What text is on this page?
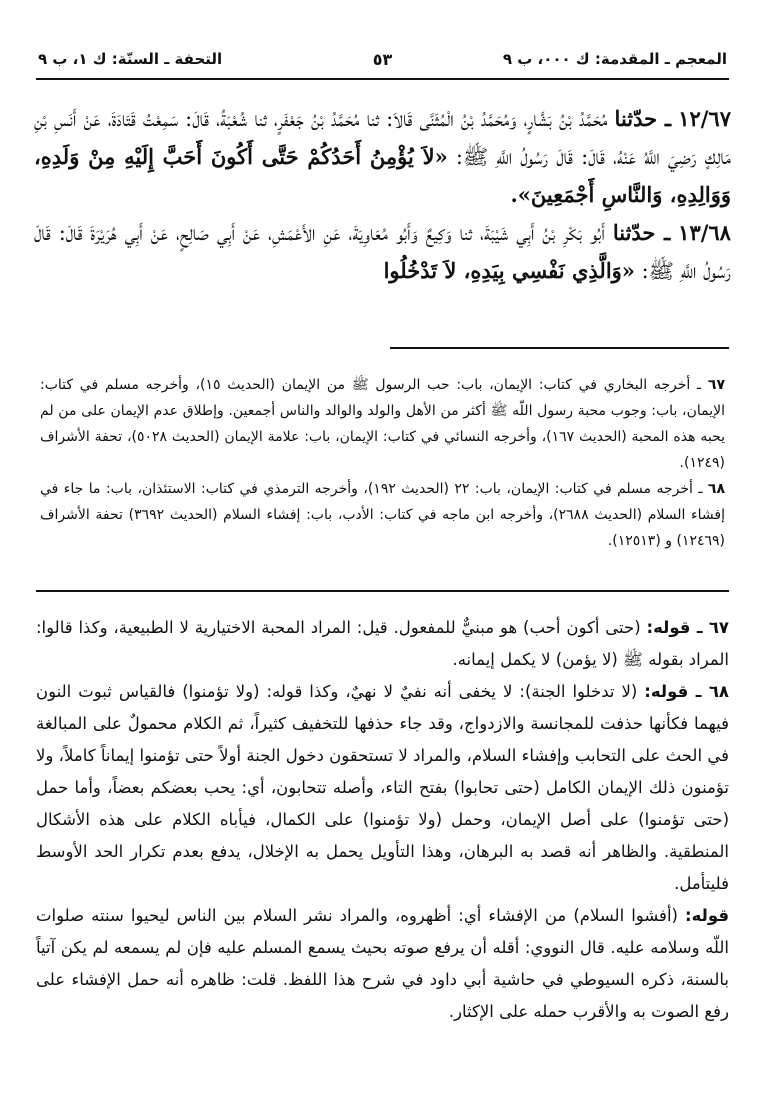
المعجم ـ المقدمة: ك ٠٠٠، ب ٩
٥٣
التحفة ـ السنّة: ك ١، ب ٩

١٢/٦٧ ـ حدّثنا مُحَمَّدُ بْنُ بَشَّارٍ، وَمُحَمَّدُ بْنُ الْمُثَنَّى قَالاَ: ثنا مُحَمَّدُ بْنُ جَعْفَرٍ، ثنا شُعْبَةُ، قَالَ: سَمِعْتُ قَتَادَةَ، عَنْ أَنَسِ بْنِ مَالِكٍ رَضِيَ اللَّهُ عَنْهُ، قَالَ: قَالَ رَسُولُ اللَّهِ ﷺ: «لاَ يُؤْمِنُ أَحَدُكُمْ حَتَّى أَكُونَ أَحَبَّ إِلَيْهِ مِنْ وَلَدِهِ، وَوَالِدِهِ، وَالنَّاسِ أَجْمَعِينَ».

١٣/٦٨ ـ حدّثنا أَبُو بَكْرِ بْنُ أَبِي شَيْبَةَ، ثنا وَكِيعٌ وَأَبُو مُعَاوِيَةَ، عَنِ الأَعْمَشِ، عَنْ أَبِي صَالِحٍ، عَنْ أَبِي هُرَيْرَةَ قَالَ: قَالَ رَسُولُ اللَّهِ ﷺ: «وَالَّذِي نَفْسِي بِيَدِهِ، لاَ تَدْخُلُوا

٦٧ ـ أخرجه البخاري في كتاب: الإيمان، باب: حب الرسول ﷺ من الإيمان (الحديث ١٥)، وأخرجه مسلم في كتاب: الإيمان، باب: وجوب محبة رسول اللّه ﷺ أكثر من الأهل والولد والوالد والناس أجمعين. وإطلاق عدم الإيمان على من لم يحبه هذه المحبة (الحديث ١٦٧)، وأخرجه النسائي في كتاب: الإيمان، باب: علامة الإيمان (الحديث ٥٠٢٨)، تحفة الأشراف (١٢٤٩).

٦٨ ـ أخرجه مسلم في كتاب: الإيمان، باب: ٢٢ (الحديث ١٩٢)، وأخرجه الترمذي في كتاب: الاستئذان، باب: ما جاء في إفشاء السلام (الحديث ٢٦٨٨)، وأخرجه ابن ماجه في كتاب: الأدب، باب: إفشاء السلام (الحديث ٣٦٩٢) تحفة الأشراف (١٢٤٦٩) و (١٢٥١٣).

٦٧ ـ قوله: (حتى أكون أحب) هو مبنيٌّ للمفعول. قيل: المراد المحبة الاختيارية لا الطبيعية، وكذا قالوا: المراد بقوله ﷺ (لا يؤمن) لا يكمل إيمانه.

٦٨ ـ قوله: (لا تدخلوا الجنة): لا يخفى أنه نفيٌ لا نهيٌ، وكذا قوله: (ولا تؤمنوا) فالقياس ثبوت النون فيهما فكأنها حذفت للمجانسة والازدواج، وقد جاء حذفها للتخفيف كثيراً، ثم الكلام محمولٌ على المبالغة في الحث على التحابب وإفشاء السلام، والمراد لا تستحقون دخول الجنة أولاً حتى تؤمنوا إيماناً كاملاً، ولا تؤمنون ذلك الإيمان الكامل (حتى تحابوا) بفتح التاء، وأصله تتحابون، أي: يحب بعضكم بعضاً، وأما حمل (حتى تؤمنوا) على أصل الإيمان، وحمل (ولا تؤمنوا) على الكمال، فيأباه الكلام على هذه الأشكال المنطقية. والظاهر أنه قصد به البرهان، وهذا التأويل يحمل به الإخلال، يدفع بعدم تكرار الحد الأوسط فليتأمل.

قوله: (أفشوا السلام) من الإفشاء أي: أظهروه، والمراد نشر السلام بين الناس ليحيوا سنته صلوات اللّه وسلامه عليه. قال النووي: أقله أن يرفع صوته بحيث يسمع المسلم عليه فإن لم يسمعه لم يكن آتياً بالسنة، ذكره السيوطي في حاشية أبي داود في شرح هذا اللفظ. قلت: ظاهره أنه حمل الإفشاء على رفع الصوت به والأقرب حمله على الإكثار.
